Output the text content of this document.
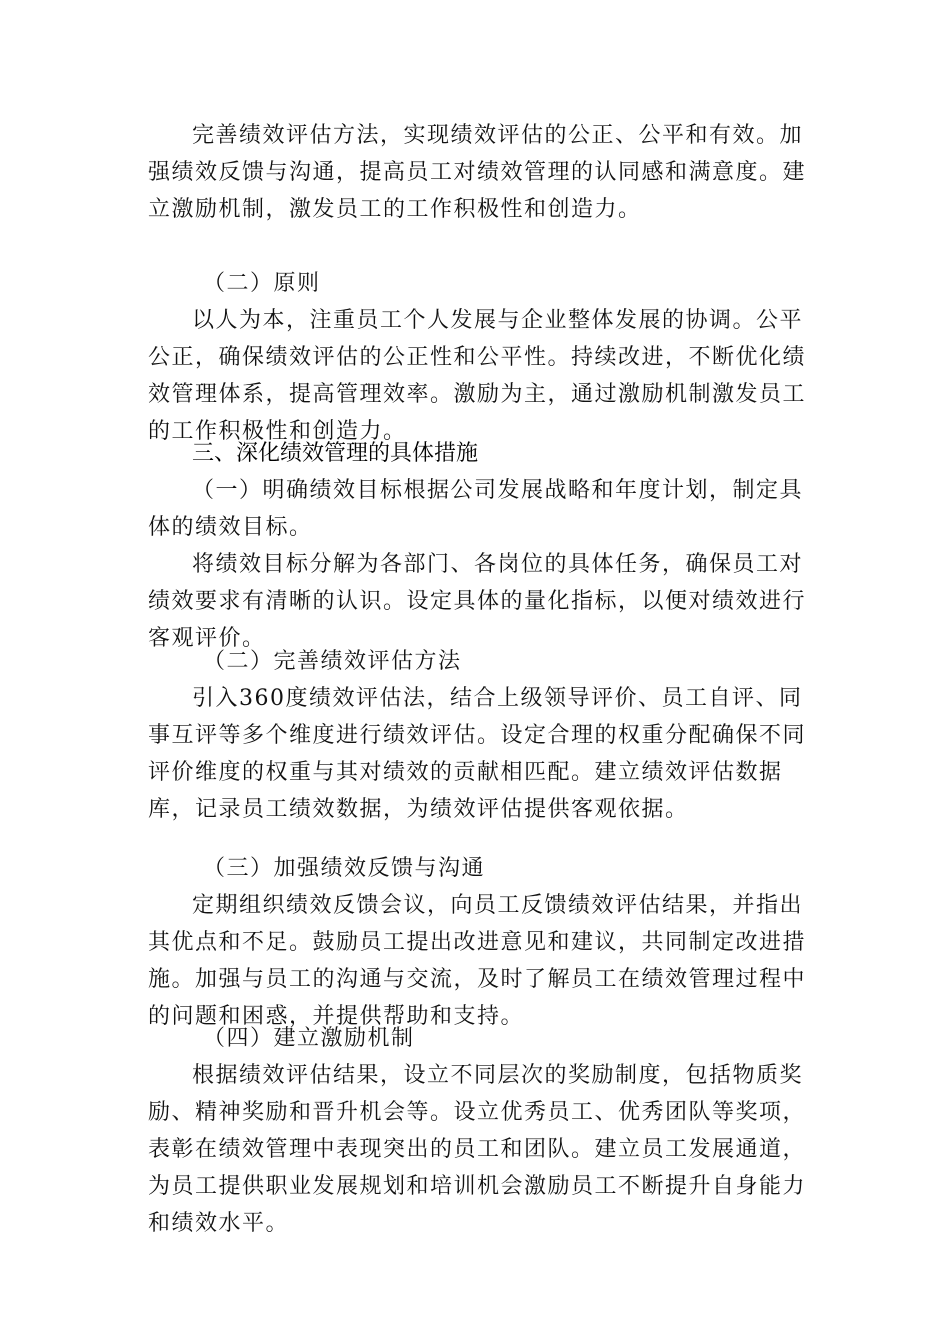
完善绩效评估方法，实现绩效评估的公正、公平和有效。加强绩效反馈与沟通，提高员工对绩效管理的认同感和满意度。建立激励机制，激发员工的工作积极性和创造力。

（二）原则

以人为本，注重员工个人发展与企业整体发展的协调。公平公正，确保绩效评估的公正性和公平性。持续改进，不断优化绩效管理体系，提高管理效率。激励为主，通过激励机制激发员工的工作积极性和创造力。

三、深化绩效管理的具体措施

（一）明确绩效目标根据公司发展战略和年度计划，制定具体的绩效目标。

将绩效目标分解为各部门、各岗位的具体任务，确保员工对绩效要求有清晰的认识。设定具体的量化指标，以便对绩效进行客观评价。

（二）完善绩效评估方法

引入360度绩效评估法，结合上级领导评价、员工自评、同事互评等多个维度进行绩效评估。设定合理的权重分配确保不同评价维度的权重与其对绩效的贡献相匹配。建立绩效评估数据库，记录员工绩效数据，为绩效评估提供客观依据。

（三）加强绩效反馈与沟通

定期组织绩效反馈会议，向员工反馈绩效评估结果，并指出其优点和不足。鼓励员工提出改进意见和建议，共同制定改进措施。加强与员工的沟通与交流，及时了解员工在绩效管理过程中的问题和困惑，并提供帮助和支持。

（四）建立激励机制

根据绩效评估结果，设立不同层次的奖励制度，包括物质奖励、精神奖励和晋升机会等。设立优秀员工、优秀团队等奖项，表彰在绩效管理中表现突出的员工和团队。建立员工发展通道，为员工提供职业发展规划和培训机会激励员工不断提升自身能力和绩效水平。
